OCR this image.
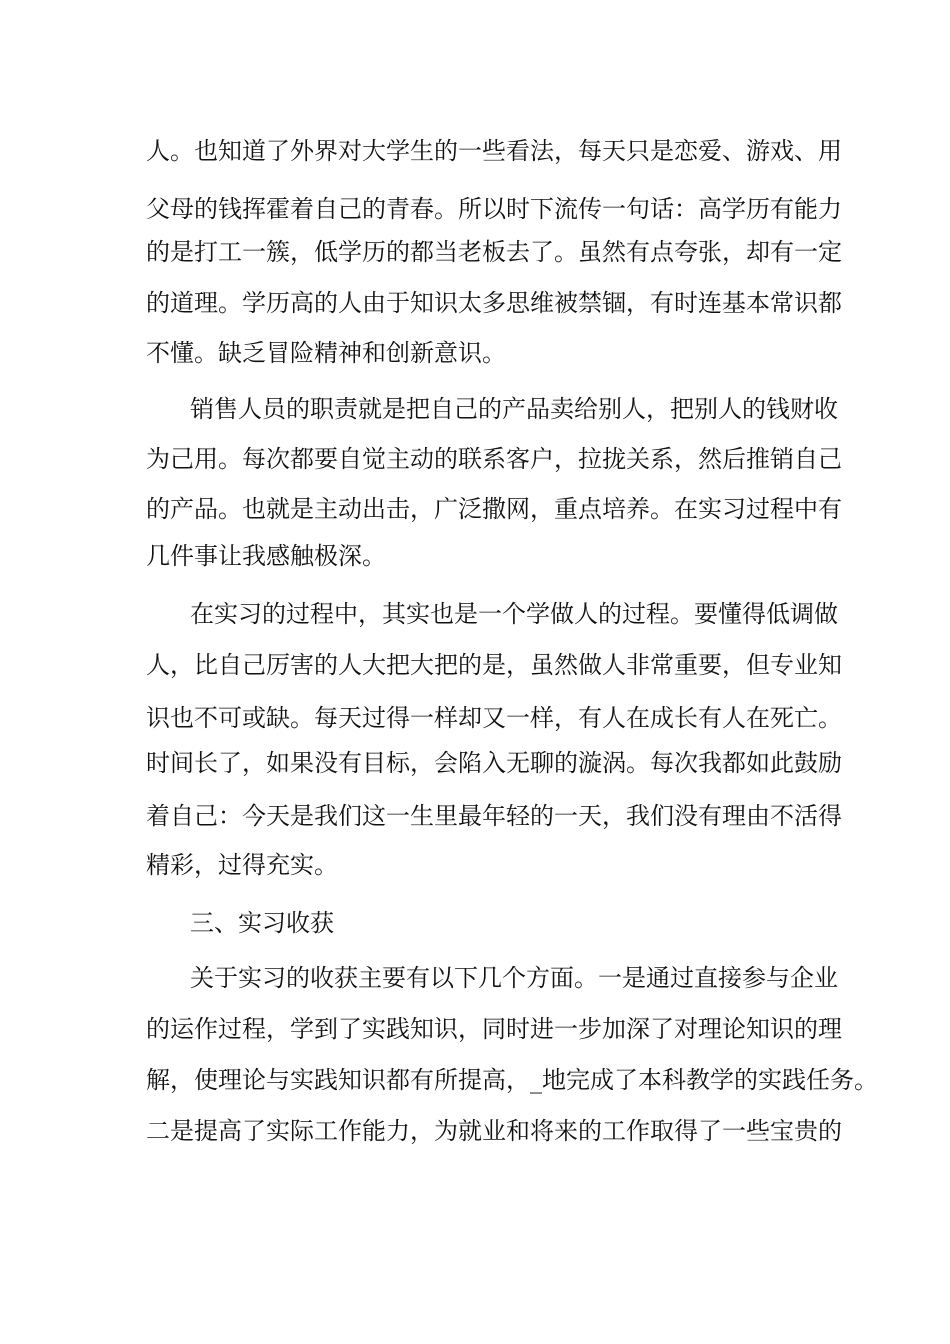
人。也知道了外界对大学生的一些看法，每天只是恋爱、游戏、用
父母的钱挥霍着自己的青春。所以时下流传一句话：高学历有能力
的是打工一簇，低学历的都当老板去了。虽然有点夸张，却有一定
的道理。学历高的人由于知识太多思维被禁锢，有时连基本常识都
不懂。缺乏冒险精神和创新意识。
销售人员的职责就是把自己的产品卖给别人，把别人的钱财收
为己用。每次都要自觉主动的联系客户，拉拢关系，然后推销自己
的产品。也就是主动出击，广泛撒网，重点培养。在实习过程中有
几件事让我感触极深。
在实习的过程中，其实也是一个学做人的过程。要懂得低调做
人，比自己厉害的人大把大把的是，虽然做人非常重要，但专业知
识也不可或缺。每天过得一样却又一样，有人在成长有人在死亡。
时间长了，如果没有目标，会陷入无聊的漩涡。每次我都如此鼓励
着自己：今天是我们这一生里最年轻的一天，我们没有理由不活得
精彩，过得充实。
三、实习收获
关于实习的收获主要有以下几个方面。一是通过直接参与企业
的运作过程，学到了实践知识，同时进一步加深了对理论知识的理
解，使理论与实践知识都有所提高，_地完成了本科教学的实践任务。
二是提高了实际工作能力，为就业和将来的工作取得了一些宝贵的
